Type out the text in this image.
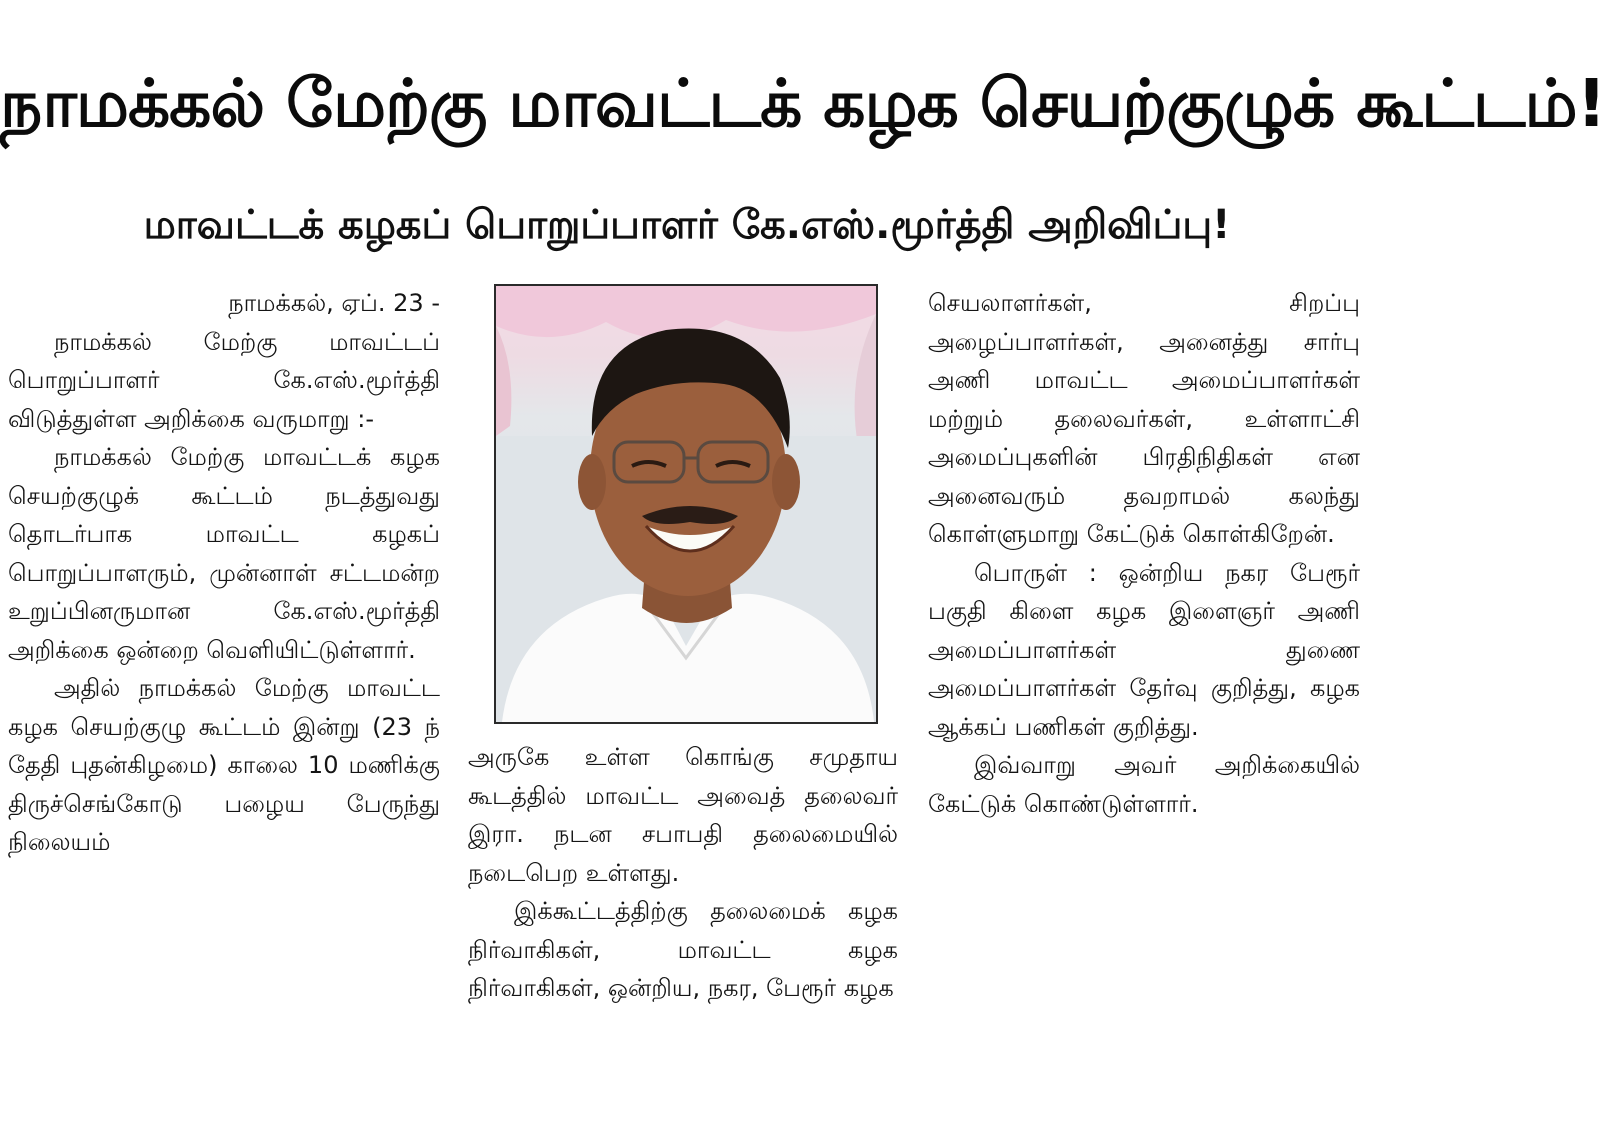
நாமக்கல் மேற்கு மாவட்டக் கழக செயற்குழுக் கூட்டம்!
மாவட்டக் கழகப் பொறுப்பாளர் கே.எஸ்.மூர்த்தி அறிவிப்பு!

நாமக்கல், ஏப். 23 -

நாமக்கல் மேற்கு மாவட்டப் பொறுப்பாளர் கே.எஸ்.மூர்த்தி விடுத்துள்ள அறிக்கை வருமாறு :-

நாமக்கல் மேற்கு மாவட்டக் கழக செயற்குழுக் கூட்டம் நடத்துவது தொடர்பாக மாவட்ட கழகப் பொறுப்பாளரும், முன்னாள் சட்டமன்ற உறுப்பினருமான கே.எஸ்.மூர்த்தி அறிக்கை ஒன்றை வெளியிட்டுள்ளார்.

அதில் நாமக்கல் மேற்கு மாவட்ட கழக செயற்குழு கூட்டம் இன்று (23 ந் தேதி புதன்கிழமை) காலை 10 மணிக்கு திருச்செங்கோடு பழைய பேருந்து நிலையம்

அருகே உள்ள கொங்கு சமுதாய கூடத்தில் மாவட்ட அவைத் தலைவர் இரா. நடன சபாபதி தலைமையில் நடைபெற உள்ளது.

இக்கூட்டத்திற்கு தலைமைக் கழக நிர்வாகிகள், மாவட்ட கழக நிர்வாகிகள், ஒன்றிய, நகர, பேரூர் கழக

செயலாளர்கள், சிறப்பு அழைப்பாளர்கள், அனைத்து சார்பு அணி மாவட்ட அமைப்பாளர்கள் மற்றும் தலைவர்கள், உள்ளாட்சி அமைப்புகளின் பிரதிநிதிகள் என அனைவரும் தவறாமல் கலந்து கொள்ளுமாறு கேட்டுக் கொள்கிறேன்.

பொருள் : ஒன்றிய நகர பேரூர் பகுதி கிளை கழக இளைஞர் அணி அமைப்பாளர்கள் துணை அமைப்பாளர்கள் தேர்வு குறித்து, கழக ஆக்கப் பணிகள் குறித்து.

இவ்வாறு அவர் அறிக்கையில் கேட்டுக் கொண்டுள்ளார்.
